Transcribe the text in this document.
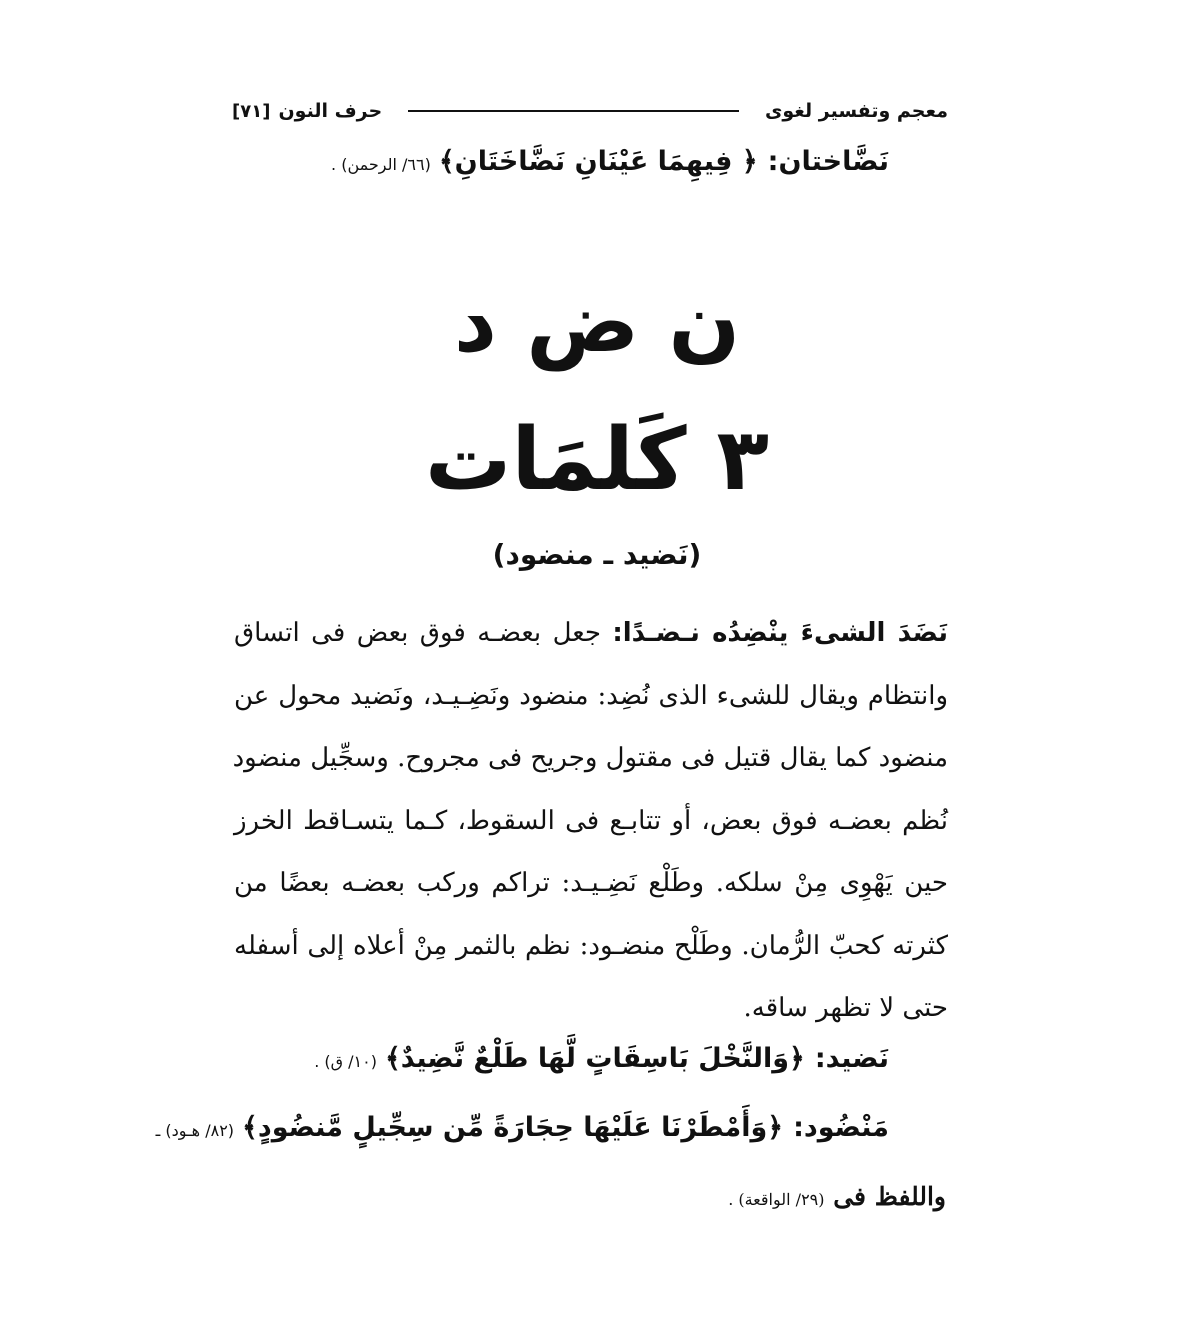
معجم وتفسير لغوى
حرف النون
[٧١]
نَضَّاختان:﴿ فِيهِمَا عَيْنَانِ نَضَّاخَتَانِ﴾(٦٦/ الرحمن) .
ن ض د
٣ كَلمَات
(نَضيد ـ منضود)
نَضَدَ الشىءَ ينْضِدُه نـضـدًا: جعل بعضـه فوق بعض فى اتساق
وانتظام ويقال للشىء الذى نُضِد: منضود ونَضِـيـد، ونَضيد محول عن
منضود كما يقال قتيل فى مقتول وجريح فى مجروح. وسجِّيل منضود
نُظم بعضـه فوق بعض، أو تتابـع فى السقوط، كـما يتسـاقط الخرز
حين يَهْوِى مِنْ سلكه. وطَلْع نَضِـيـد: تراكم وركب بعضـه بعضًا من
كثرته كحبّ الرُّمان. وطَلْح منضـود: نظم بالثمر مِنْ أعلاه إلى أسفله
حتى لا تظهر ساقه.
نَضيد:﴿وَالنَّخْلَ بَاسِقَاتٍ لَّهَا طَلْعٌ نَّضِيدٌ﴾(١٠/ ق) .
مَنْضُود:﴿وَأَمْطَرْنَا عَلَيْهَا حِجَارَةً مِّن سِجِّيلٍ مَّنضُودٍ﴾(٨٢/ هـود) ـ
واللفظ فى (٢٩/ الواقعة) .
